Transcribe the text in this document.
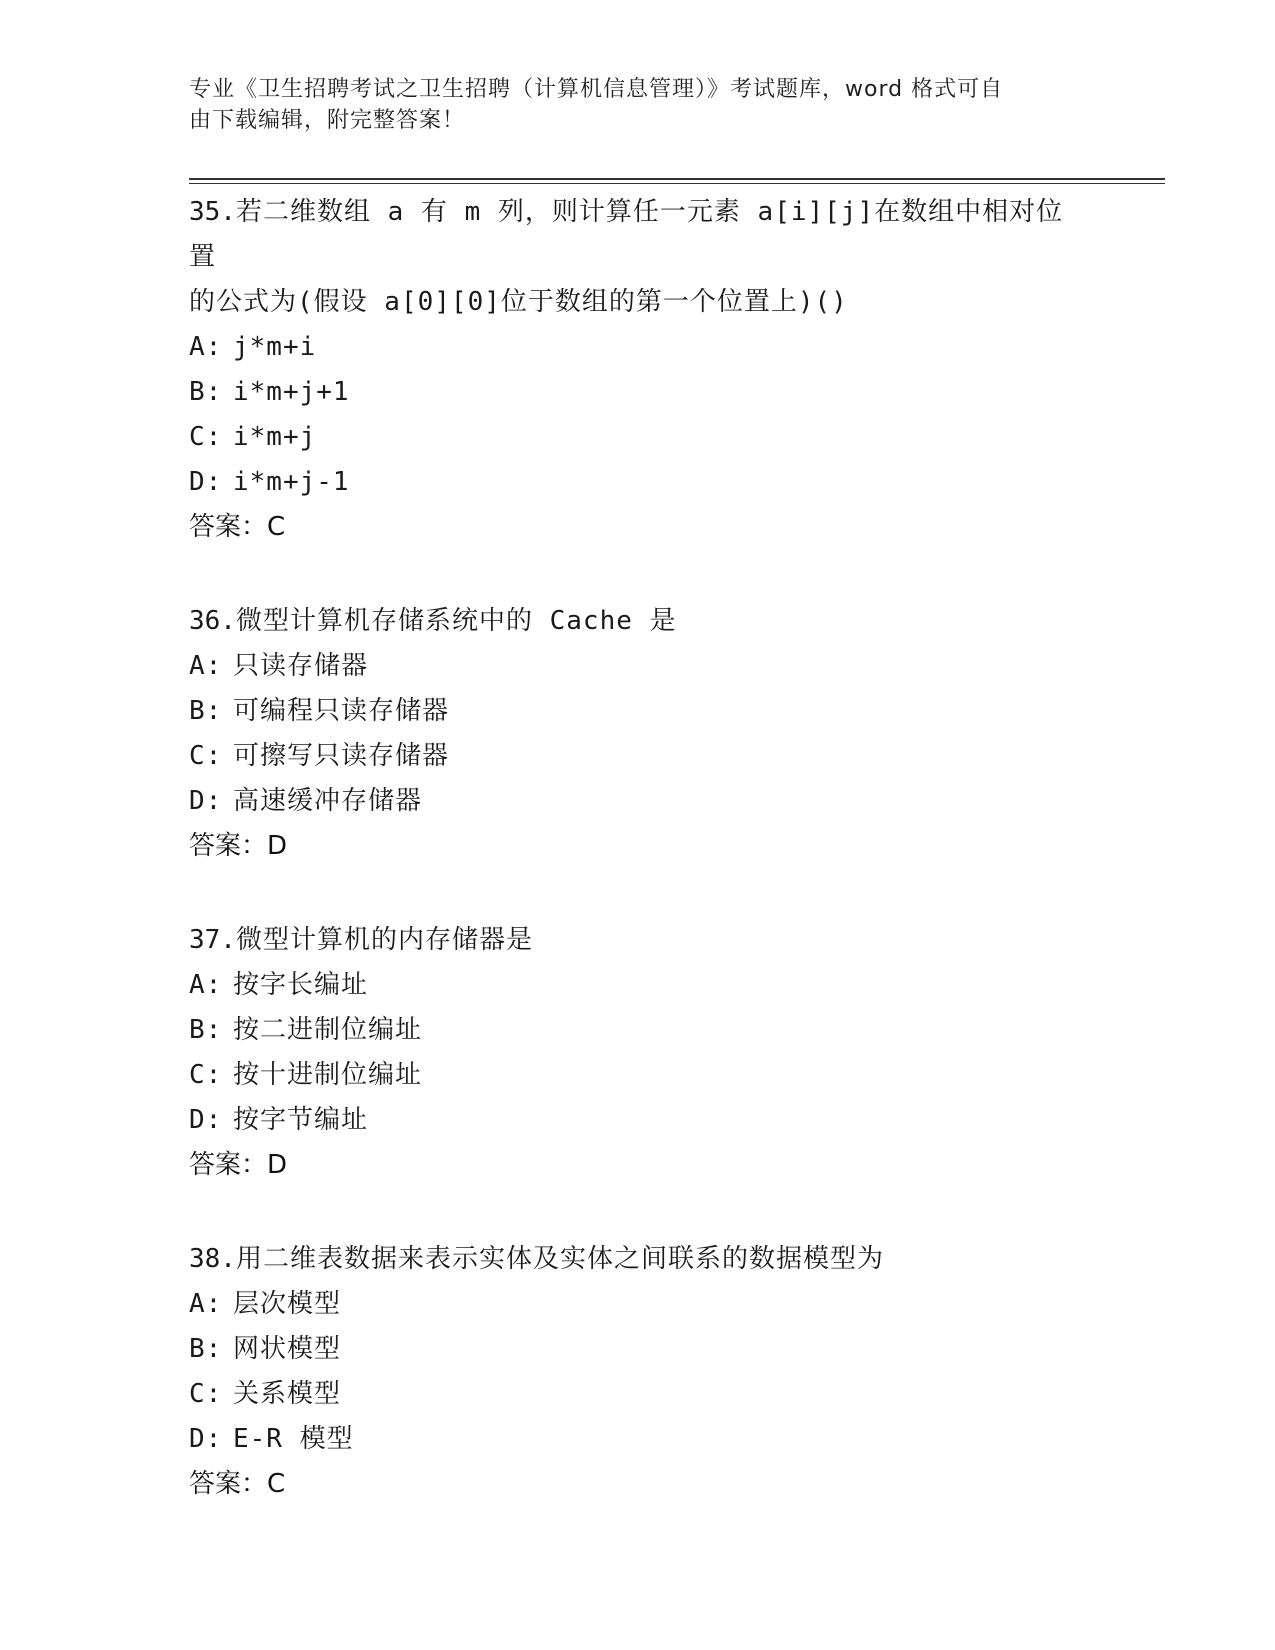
专业《卫生招聘考试之卫生招聘（计算机信息管理）》考试题库，word 格式可自
由下载编辑，附完整答案！
35.若二维数组 a 有 m 列，则计算任一元素 a[i][j]在数组中相对位置
的公式为(假设 a[0][0]位于数组的第一个位置上)()
A: j*m+i
B: i*m+j+1
C: i*m+j
D: i*m+j-1
答案：C
36.微型计算机存储系统中的 Cache 是
A: 只读存储器
B: 可编程只读存储器
C: 可擦写只读存储器
D: 高速缓冲存储器
答案：D
37.微型计算机的内存储器是
A: 按字长编址
B: 按二进制位编址
C: 按十进制位编址
D: 按字节编址
答案：D
38.用二维表数据来表示实体及实体之间联系的数据模型为
A: 层次模型
B: 网状模型
C: 关系模型
D: E-R 模型
答案：C
